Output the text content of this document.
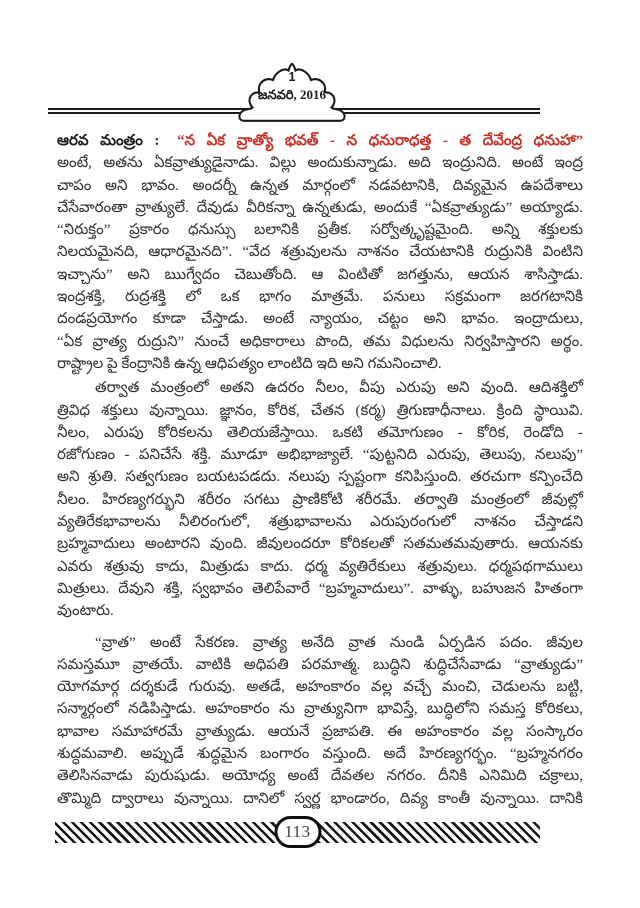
1
జనవరి, 2016
ఆరవ మంత్రం : “న ఏక వ్రాత్యో భవత్ - న ధనురాధత్త - త దేవేంద్ర ధనుహా”
అంటే, అతను ఏకవ్రాత్యుడైనాడు. విల్లు అందుకున్నాడు. అది ఇంద్రునిది. అంటే ఇంద్ర
చాపం అని భావం. అందర్నీ ఉన్నత మార్గంలో నడవటానికి, దివ్యమైన ఉపదేశాలు
చేసేవారంతా వ్రాత్యులే. దేవుడు వీరికన్నా ఉన్నతుడు, అందుకే “ఏకవ్రాత్యుడు” అయ్యాడు.
“నిరుక్తం” ప్రకారం ధనుస్సు బలానికి ప్రతీక. సర్వోత్కృష్టమైంది. అన్ని శక్తులకు
నిలయమైనది, ఆధారమైనది”. “వేద శత్రువులను నాశనం చేయటానికి రుద్రునికి వింటిని
ఇచ్చాను” అని ఋగ్వేదం చెబుతోంది. ఆ వింటితో జగత్తును, ఆయన శాసిస్తాడు.
ఇంద్రశక్తి, రుద్రశక్తి లో ఒక భాగం మాత్రమే. పనులు సక్రమంగా జరగటానికి
దండప్రయోగం కూడా చేస్తాడు. అంటే న్యాయం, చట్టం అని భావం. ఇంద్రాదులు,
“ఏక వ్రాత్య రుద్రుని” నుంచే అధికారాలు పొంది, తమ విధులను నిర్వహిస్తారని అర్థం.
రాష్ట్రాల పై కేంద్రానికి ఉన్న ఆధిపత్యం లాంటిది ఇది అని గమనించాలి.
తర్వాత మంత్రంలో అతని ఉదరం నీలం, వీపు ఎరుపు అని వుంది. ఆదిశక్తిలో
త్రివిధ శక్తులు వున్నాయి. జ్ఞానం, కోరిక, చేతన (కర్మ) త్రిగుణాధీనాలు. క్రింది స్థాయివి.
నీలం, ఎరుపు కోరికలను తెలియజేస్తాయి. ఒకటి తమోగుణం - కోరిక, రెండోది -
రజోగుణం - పనిచేసే శక్తి. మూడూ అభిభాజ్యాలే. “పుట్టనిది ఎరుపు, తెలుపు, నలుపు”
అని శ్రుతి. సత్వగుణం బయటపడదు. నలుపు స్పష్టంగా కనిపిస్తుంది. తరచుగా కన్పించేది
నీలం. హిరణ్యగర్భుని శరీరం సగటు ప్రాణికోటి శరీరమే. తర్వాతి మంత్రంలో జీవుల్లో
వ్యతిరేకభావాలను నీలిరంగులో, శత్రుభావాలను ఎరుపురంగులో నాశనం చేస్తాడని
బ్రహ్మవాదులు అంటారని వుంది. జీవులందరూ కోరికలతో సతమతమవుతారు. ఆయనకు
ఎవరు శత్రువు కాదు, మిత్రుడు కాదు. ధర్మ వ్యతిరేకులు శత్రువులు. ధర్మపథగాములు
మిత్రులు. దేవుని శక్తి, స్వభావం తెలిపేవారే “బ్రహ్మవాదులు”. వాళ్ళు, బహుజన హితంగా
వుంటారు.
“వ్రాత” అంటే సేకరణ. వ్రాత్య అనేది వ్రాత నుండి ఏర్పడిన పదం. జీవుల
సమస్తమూ వ్రాతయే. వాటికి అధిపతి పరమాత్మ. బుద్ధిని శుద్ధిచేసేవాడు “వ్రాత్యుడు”
యోగమార్గ దర్శకుడే గురువు. అతడే, అహంకారం వల్ల వచ్చే మంచి, చెడులను బట్టి,
సన్మార్గంలో నడిపిస్తాడు. అహంకారం ను వ్రాత్యునిగా భావిస్తే, బుద్ధిలోని సమస్త కోరికలు,
భావాల సమాహారమే వ్రాత్యుడు. ఆయనే ప్రజాపతి. ఈ అహంకారం వల్ల సంస్కారం
శుద్ధమవాలి. అప్పుడే శుద్ధమైన బంగారం వస్తుంది. అదే హిరణ్యగర్భం. “బ్రహ్మనగరం
తెలిసినవాడు పురుషుడు. అయోధ్య అంటే దేవతల నగరం. దీనికి ఎనిమిది చక్రాలు,
తొమ్మిది ద్వారాలు వున్నాయి. దానిలో స్వర్ణ భాండారం, దివ్య కాంతీ వున్నాయి. దానికి
113
